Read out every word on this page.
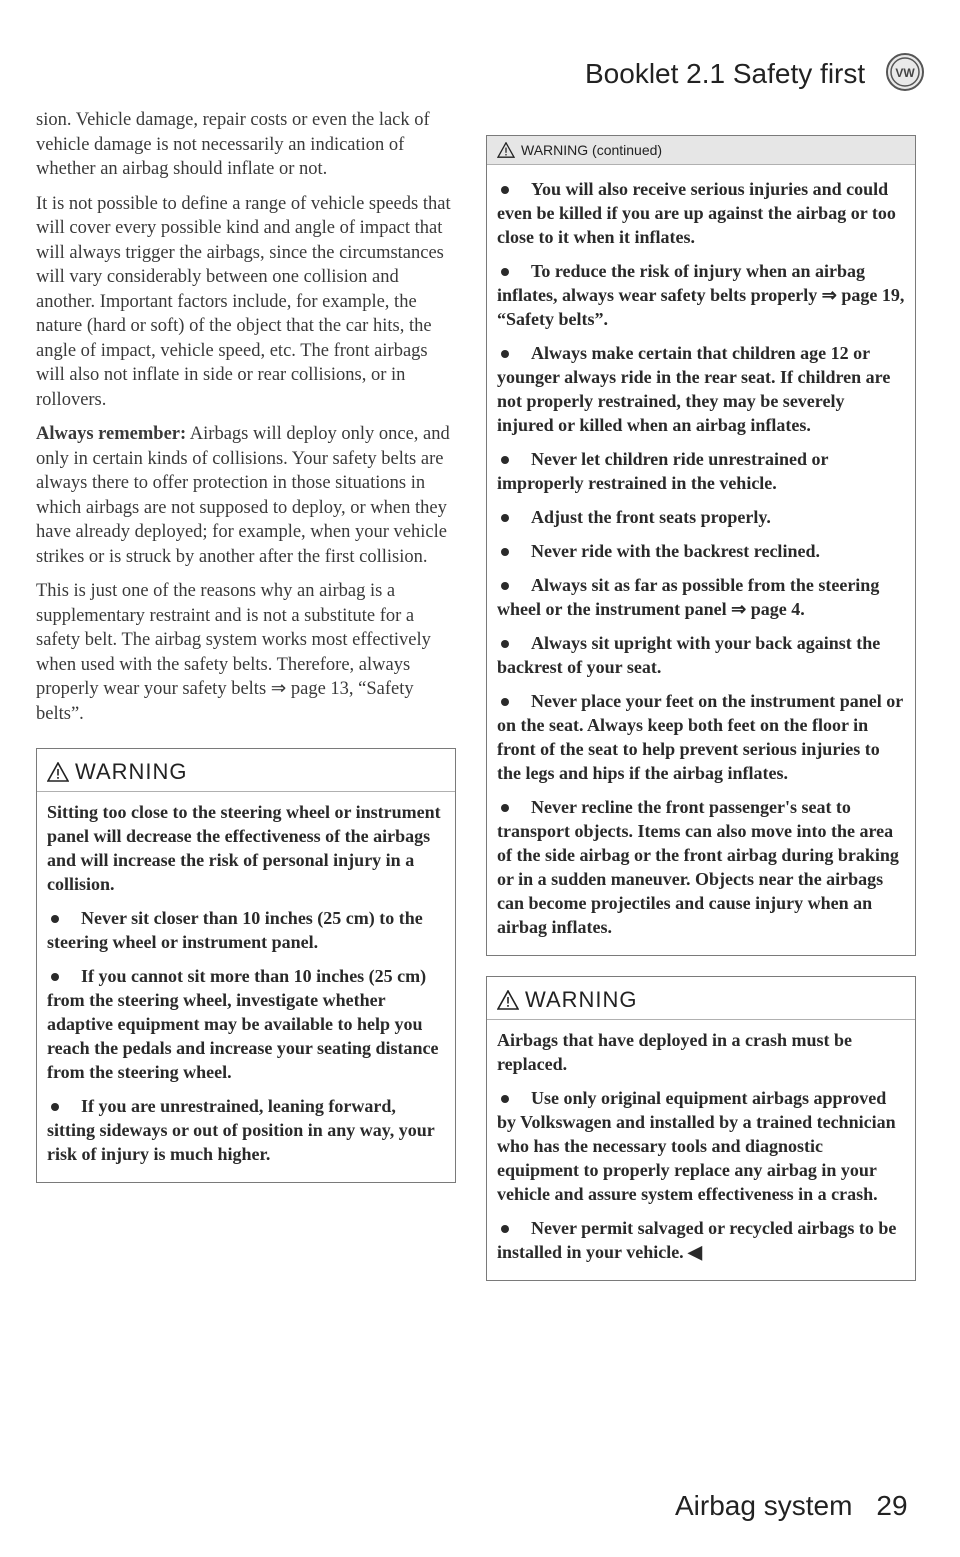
Booklet 2.1 Safety first	VW

sion. Vehicle damage, repair costs or even the lack of vehicle damage is not necessarily an indication of whether an airbag should inflate or not.

It is not possible to define a range of vehicle speeds that will cover every possible kind and angle of impact that will always trigger the airbags, since the circumstances will vary considerably between one collision and another. Important factors include, for example, the nature (hard or soft) of the object that the car hits, the angle of impact, vehicle speed, etc. The front airbags will also not inflate in side or rear collisions, or in rollovers.

Always remember: Airbags will deploy only once, and only in certain kinds of collisions. Your safety belts are always there to offer protection in those situations in which airbags are not supposed to deploy, or when they have already deployed; for example, when your vehicle strikes or is struck by another after the first collision.

This is just one of the reasons why an airbag is a supplementary restraint and is not a substitute for a safety belt. The airbag system works most effectively when used with the safety belts. Therefore, always properly wear your safety belts ⇒ page 13, “Safety belts”.

WARNING

Sitting too close to the steering wheel or instrument panel will decrease the effectiveness of the airbags and will increase the risk of personal injury in a collision.

Never sit closer than 10 inches (25 cm) to the steering wheel or instrument panel.
If you cannot sit more than 10 inches (25 cm) from the steering wheel, investigate whether adaptive equipment may be available to help you reach the pedals and increase your seating distance from the steering wheel.
If you are unrestrained, leaning forward, sitting sideways or out of position in any way, your risk of injury is much higher.
WARNING (continued)
You will also receive serious injuries and could even be killed if you are up against the airbag or too close to it when it inflates.
To reduce the risk of injury when an airbag inflates, always wear safety belts properly ⇒ page 19, “Safety belts”.
Always make certain that children age 12 or younger always ride in the rear seat. If children are not properly restrained, they may be severely injured or killed when an airbag inflates.
Never let children ride unrestrained or improperly restrained in the vehicle.
Adjust the front seats properly.
Never ride with the backrest reclined.
Always sit as far as possible from the steering wheel or the instrument panel ⇒ page 4.
Always sit upright with your back against the backrest of your seat.
Never place your feet on the instrument panel or on the seat. Always keep both feet on the floor in front of the seat to help prevent serious injuries to the legs and hips if the airbag inflates.
Never recline the front passenger's seat to transport objects. Items can also move into the area of the side airbag or the front airbag during braking or in a sudden maneuver. Objects near the airbags can become projectiles and cause injury when an airbag inflates.
WARNING

Airbags that have deployed in a crash must be replaced.

Use only original equipment airbags approved by Volkswagen and installed by a trained technician who has the necessary tools and diagnostic equipment to properly replace any airbag in your vehicle and assure system effectiveness in a crash.
Never permit salvaged or recycled airbags to be installed in your vehicle. ◀
Airbag system 29
